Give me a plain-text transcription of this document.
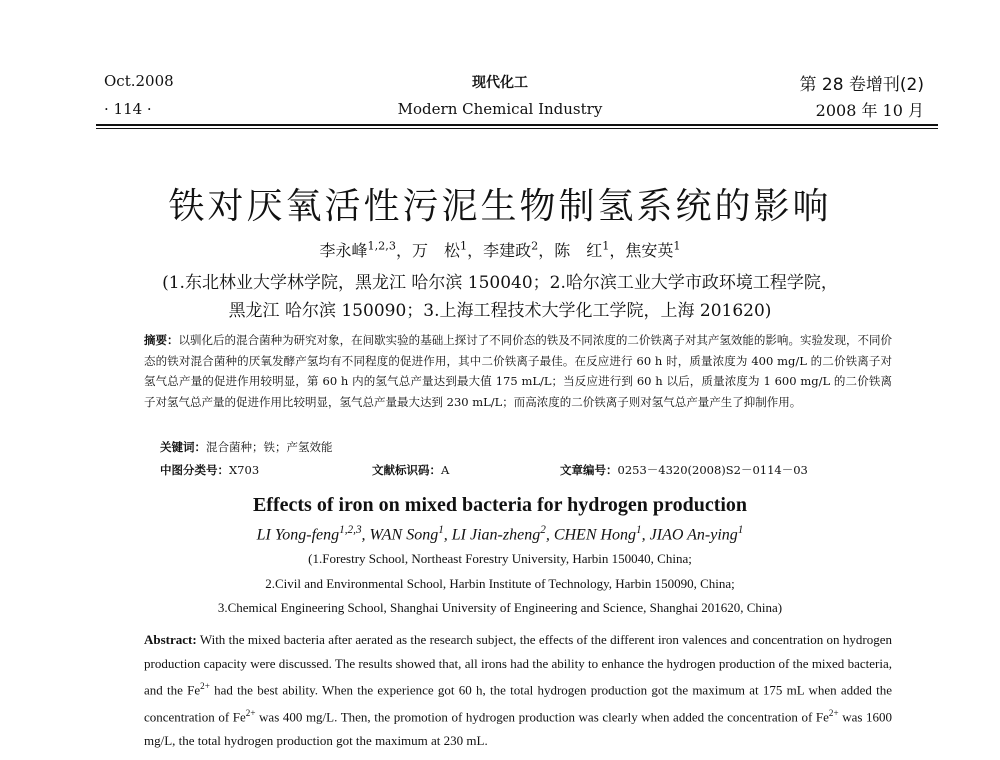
Oct.2008
· 114 ·
现代化工
Modern Chemical Industry
第 28 卷增刊(2)
2008 年 10 月
铁对厌氧活性污泥生物制氢系统的影响
李永峰$^{1,2,3}$，万　松$^1$，李建政$^2$，陈　红$^1$，焦安英$^1$
(1.东北林业大学林学院，黑龙江 哈尔滨 150040；2.哈尔滨工业大学市政环境工程学院，
黑龙江 哈尔滨 150090；3.上海工程技术大学化工学院，上海 201620)
摘要：以驯化后的混合菌种为研究对象，在间歇实验的基础上探讨了不同价态的铁及不同浓度的二价铁离子对其产氢效能的影响。实验发现，不同价态的铁对混合菌种的厌氧发酵产氢均有不同程度的促进作用，其中二价铁离子最佳。在反应进行 60 h 时，质量浓度为 400 mg/L 的二价铁离子对氢气总产量的促进作用较明显，第 60 h 内的氢气总产量达到最大值 175 mL/L；当反应进行到 60 h 以后，质量浓度为 1 600 mg/L 的二价铁离子对氢气总产量的促进作用比较明显，氢气总产量最大达到 230 mL/L；而高浓度的二价铁离子则对氢气总产量产生了抑制作用。
关键词：混合菌种；铁；产氢效能
中图分类号：X703	文献标识码：A	文章编号：0253－4320(2008)S2－0114－03
Effects of iron on mixed bacteria for hydrogen production
LI Yong-feng$^{1,2,3}$, WAN Song$^1$, LI Jian-zheng$^2$, CHEN Hong$^1$, JIAO An-ying$^1$
(1.Forestry School, Northeast Forestry University, Harbin 150040, China;
2.Civil and Environmental School, Harbin Institute of Technology, Harbin 150090, China;
3.Chemical Engineering School, Shanghai University of Engineering and Science, Shanghai 201620, China)
Abstract: With the mixed bacteria after aerated as the research subject, the effects of the different iron valences and concentration on hydrogen production capacity were discussed. The results showed that, all irons had the ability to enhance the hydrogen production of the mixed bacteria, and the $Fe^{2+}$ had the best ability. When the experience got 60 h, the total hydrogen production got the maximum at 175 mL when added the concentration of $Fe^{2+}$ was 400 mg/L. Then, the promotion of hydrogen production was clearly when added the concentration of $Fe^{2+}$ was 1600 mg/L, the total hydrogen production got the maximum at 230 mL.
